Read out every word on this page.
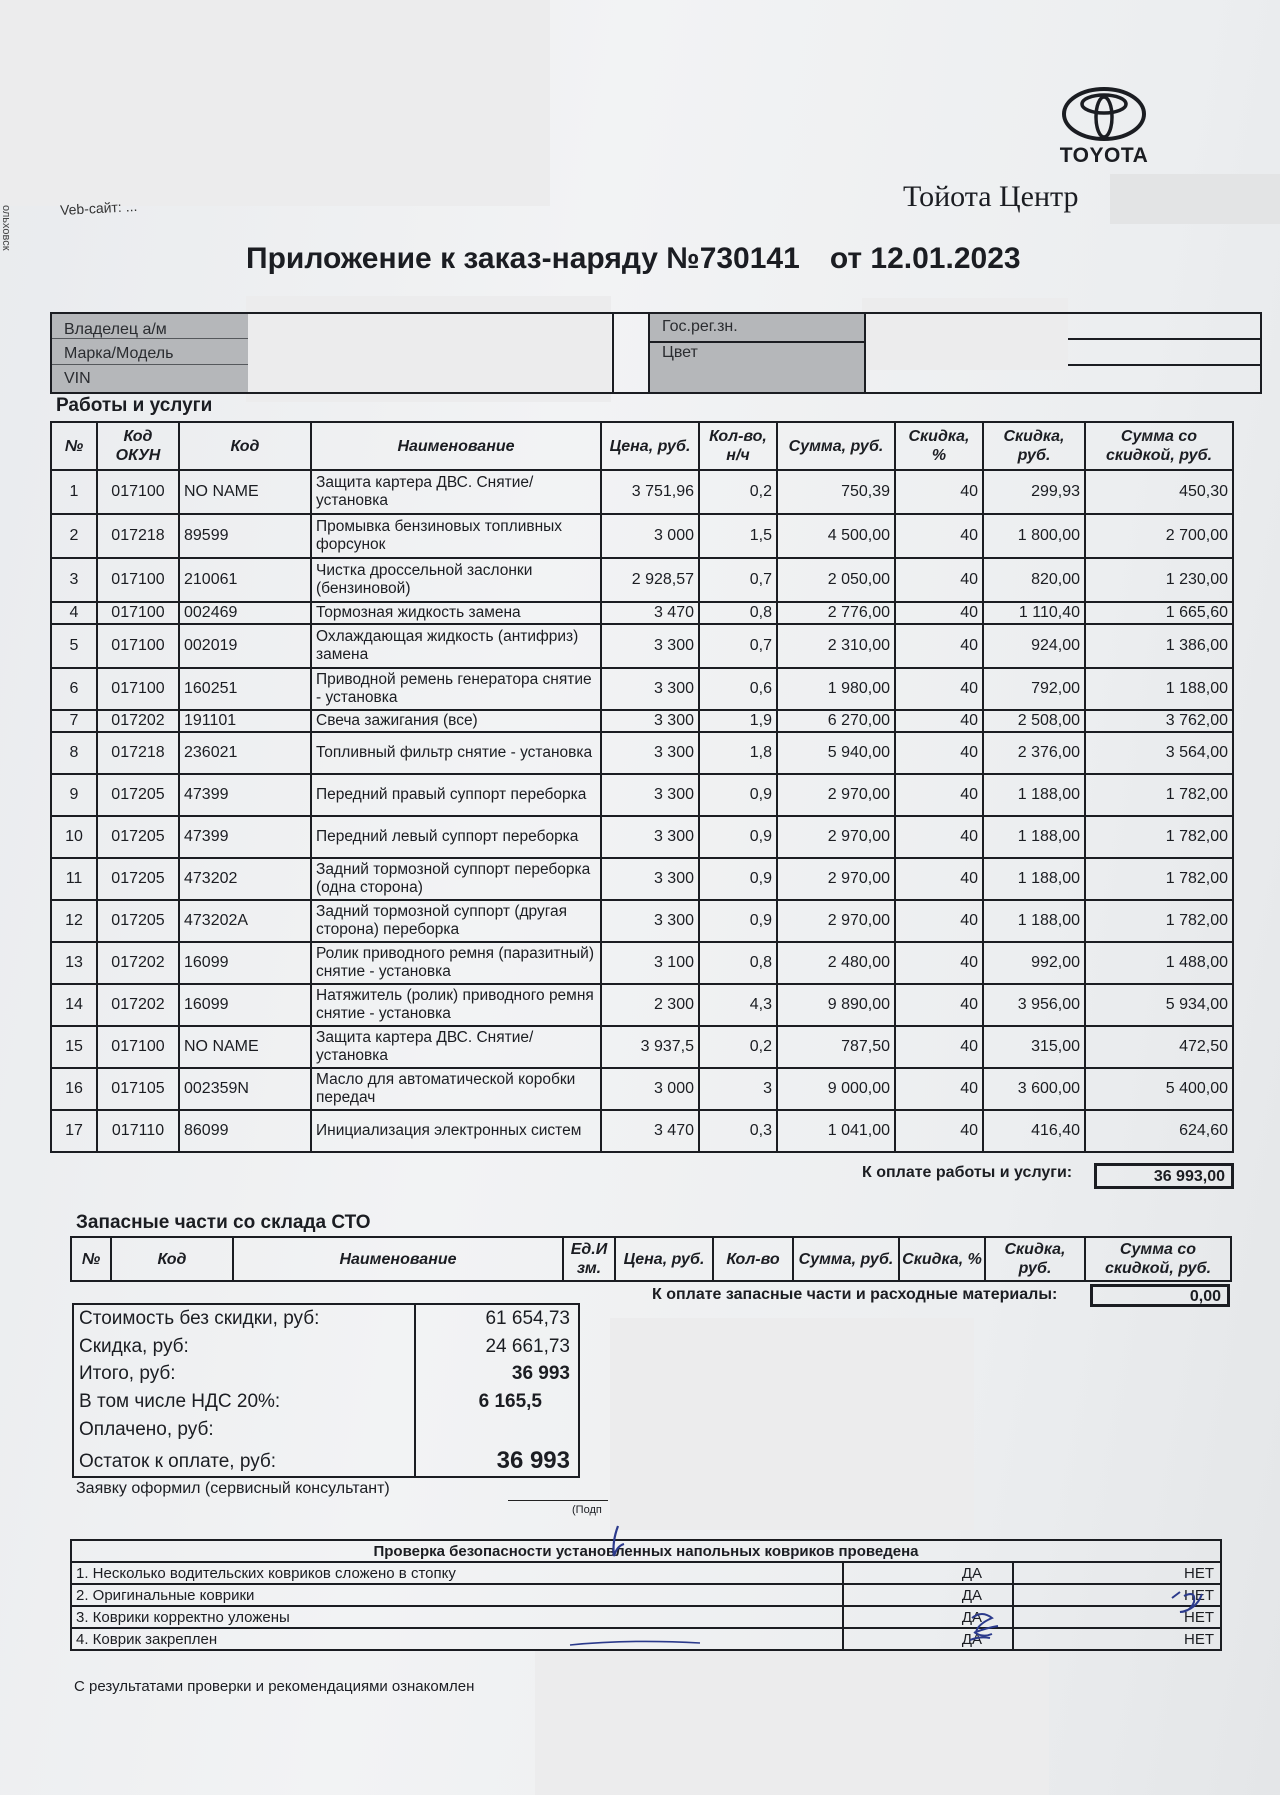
Veb-сайт: ...
ольховск
TOYOTA
Тойота Центр
Приложение к заказ-наряду №730141 от 12.01.2023
Владелец а/м
Марка/Модель
VIN
Гос.рег.зн.
Цвет
Работы и услуги
№	Код ОКУН	Код	Наименование	Цена, руб.	Кол-во, н/ч	Сумма, руб.	Скидка, %	Скидка, руб.	Сумма со скидкой, руб.
1	017100	NO NAME	Защита картера ДВС. Снятие/установка	3 751,96	0,2	750,39	40	299,93	450,30
2	017218	89599	Промывка бензиновых топливных форсунок	3 000	1,5	4 500,00	40	1 800,00	2 700,00
3	017100	210061	Чистка дроссельной заслонки (бензиновой)	2 928,57	0,7	2 050,00	40	820,00	1 230,00
4	017100	002469	Тормозная жидкость замена	3 470	0,8	2 776,00	40	1 110,40	1 665,60
5	017100	002019	Охлаждающая жидкость (антифриз) замена	3 300	0,7	2 310,00	40	924,00	1 386,00
6	017100	160251	Приводной ремень генератора снятие - установка	3 300	0,6	1 980,00	40	792,00	1 188,00
7	017202	191101	Свеча зажигания (все)	3 300	1,9	6 270,00	40	2 508,00	3 762,00
8	017218	236021	Топливный фильтр снятие - установка	3 300	1,8	5 940,00	40	2 376,00	3 564,00
9	017205	47399	Передний правый суппорт переборка	3 300	0,9	2 970,00	40	1 188,00	1 782,00
10	017205	47399	Передний левый суппорт переборка	3 300	0,9	2 970,00	40	1 188,00	1 782,00
11	017205	473202	Задний тормозной суппорт переборка (одна сторона)	3 300	0,9	2 970,00	40	1 188,00	1 782,00
12	017205	473202A	Задний тормозной суппорт (другая сторона) переборка	3 300	0,9	2 970,00	40	1 188,00	1 782,00
13	017202	16099	Ролик приводного ремня (паразитный) снятие - установка	3 100	0,8	2 480,00	40	992,00	1 488,00
14	017202	16099	Натяжитель (ролик) приводного ремня снятие - установка	2 300	4,3	9 890,00	40	3 956,00	5 934,00
15	017100	NO NAME	Защита картера ДВС. Снятие/установка	3 937,5	0,2	787,50	40	315,00	472,50
16	017105	002359N	Масло для автоматической коробки передач	3 000	3	9 000,00	40	3 600,00	5 400,00
17	017110	86099	Инициализация электронных систем	3 470	0,3	1 041,00	40	416,40	624,60
К оплате работы и услуги:	36 993,00
Запасные части со склада СТО
№	Код	Наименование	Ед.И зм.	Цена, руб.	Кол-во	Сумма, руб.	Скидка, %	Скидка, руб.	Сумма со скидкой, руб.
К оплате запасные части и расходные материалы:	0,00
Стоимость без скидки, руб:	61 654,73
Скидка, руб:	24 661,73
Итого, руб:	36 993
В том числе НДС 20%:	6 165,5
Оплачено, руб:
Остаток к оплате, руб:	36 993
Заявку оформил (сервисный консультант)
(Подп
Проверка безопасности установленных напольных ковриков проведена		
1. Несколько водительских ковриков сложено в стопку	ДА	НЕТ
2. Оригинальные коврики	ДА	НЕТ
3. Коврики корректно уложены	ДА	НЕТ
4. Коврик закреплен	ДА	НЕТ
С результатами проверки и рекомендациями ознакомлен
